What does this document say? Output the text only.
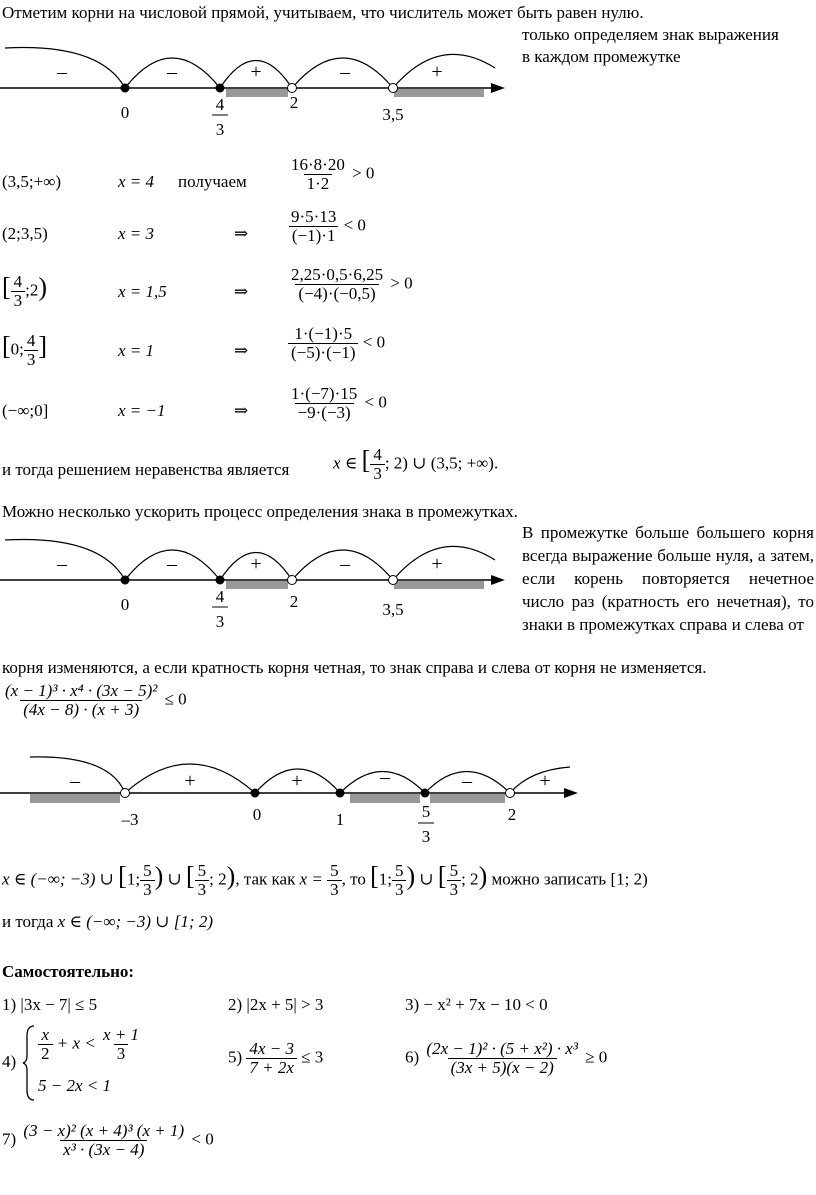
Отметим корни на числовой прямой, учитываем, что числитель может быть равен нулю.
только определяем знак выражения
в каждом промежутке
–	–	+	–	+
0	4
3
2
3,5
(3,5;+∞)	x = 4 получаем $\frac{16\cdot 8\cdot 20}{1\cdot 2} > 0$
(2;3,5)	x = 3	⇒ $\frac{9\cdot 5\cdot 13}{(-1)\cdot 1} < 0$
[ $\frac{4}{3}$ ;2)	x = 1,5	⇒ $\frac{2,25\cdot 0,5\cdot 6,25}{(-4)\cdot(-0,5)} > 0$
[0; $\frac{4}{3}$ ]	x = 1	⇒ $\frac{1\cdot(-1)\cdot 5}{(-5)\cdot(-1)} < 0$
(−∞;0]	x = −1	⇒ $\frac{1\cdot(-7)\cdot 15}{-9\cdot(-3)} < 0$
и тогда решением неравенства является	x ∈ [ $\frac{4}{3}$ ; 2) ∪ (3,5; +∞).
Можно несколько ускорить процесс определения знака в промежутках.
–	–	+	–	+
0	4
3
2	3,5
В промежутке больше большего корня всегда выражение больше нуля, а затем, если корень повторяется нечетное число раз (кратность его нечетная), то знаки в промежутках справа и слева от
корня изменяются, а если кратность корня четная, то знак справа и слева от корня не изменяется.
$\frac{\text{(x − 1)³ · x⁴ · (3x − 5)²}}{(4x - 8) \cdot (x + 3)} \le 0$
–	+	+	–	–	+
–3	0	1	5
3
2
x ∈ (−∞; −3) ∪ [1; $\frac{5}{3}$ ) ∪ [ $\frac{5}{3}$ ; 2), так как $x = \frac{5}{3}$ , то [1; $\frac{5}{3}$ ) ∪ [ $\frac{5}{3}$ ; 2) можно записать [1; 2)
и тогда x ∈ (−∞; −3) ∪ [1; 2)
Самостоятельно:
1) |3x − 7| ≤ 5	2) |2x + 5| > 3	3) − x² + 7x − 10 < 0
$4) \frac{x}{2} + x < \frac{x + 1}{3}$
5 − 2x < 1
$5) \frac{4x - 3}{7 + 2x} \le 3$	$6) \frac{\text{(2x − 1)² · (5 + x²) · x³}}{(3x + 5)(x - 2)} \ge 0$
$7) \frac{\text{(3 − x)² (x + 4)³ (x + 1)}}{\text{x³ · (3x − 4)}} < 0$
